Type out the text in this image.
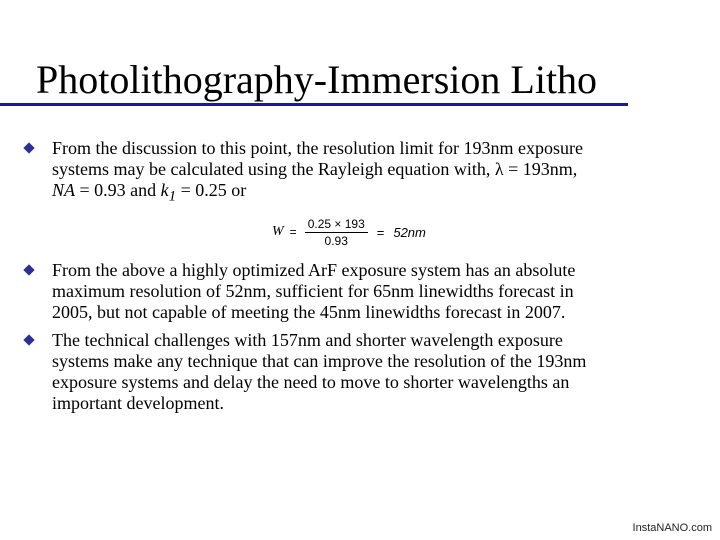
Photolithography-Immersion Litho
From the discussion to this point, the resolution limit for 193nm exposure
systems may be calculated using the Rayleigh equation with, λ = 193nm,
NA = 0.93 and $k_1 = 0.25$ or
$W = \frac{0.25 \times 193}{0.93} = 52nm$
From the above a highly optimized ArF exposure system has an absolute
maximum resolution of 52nm, sufficient for 65nm linewidths forecast in
2005, but not capable of meeting the 45nm linewidths forecast in 2007.
The technical challenges with 157nm and shorter wavelength exposure
systems make any technique that can improve the resolution of the 193nm
exposure systems and delay the need to move to shorter wavelengths an
important development.
InstaNANO.com
